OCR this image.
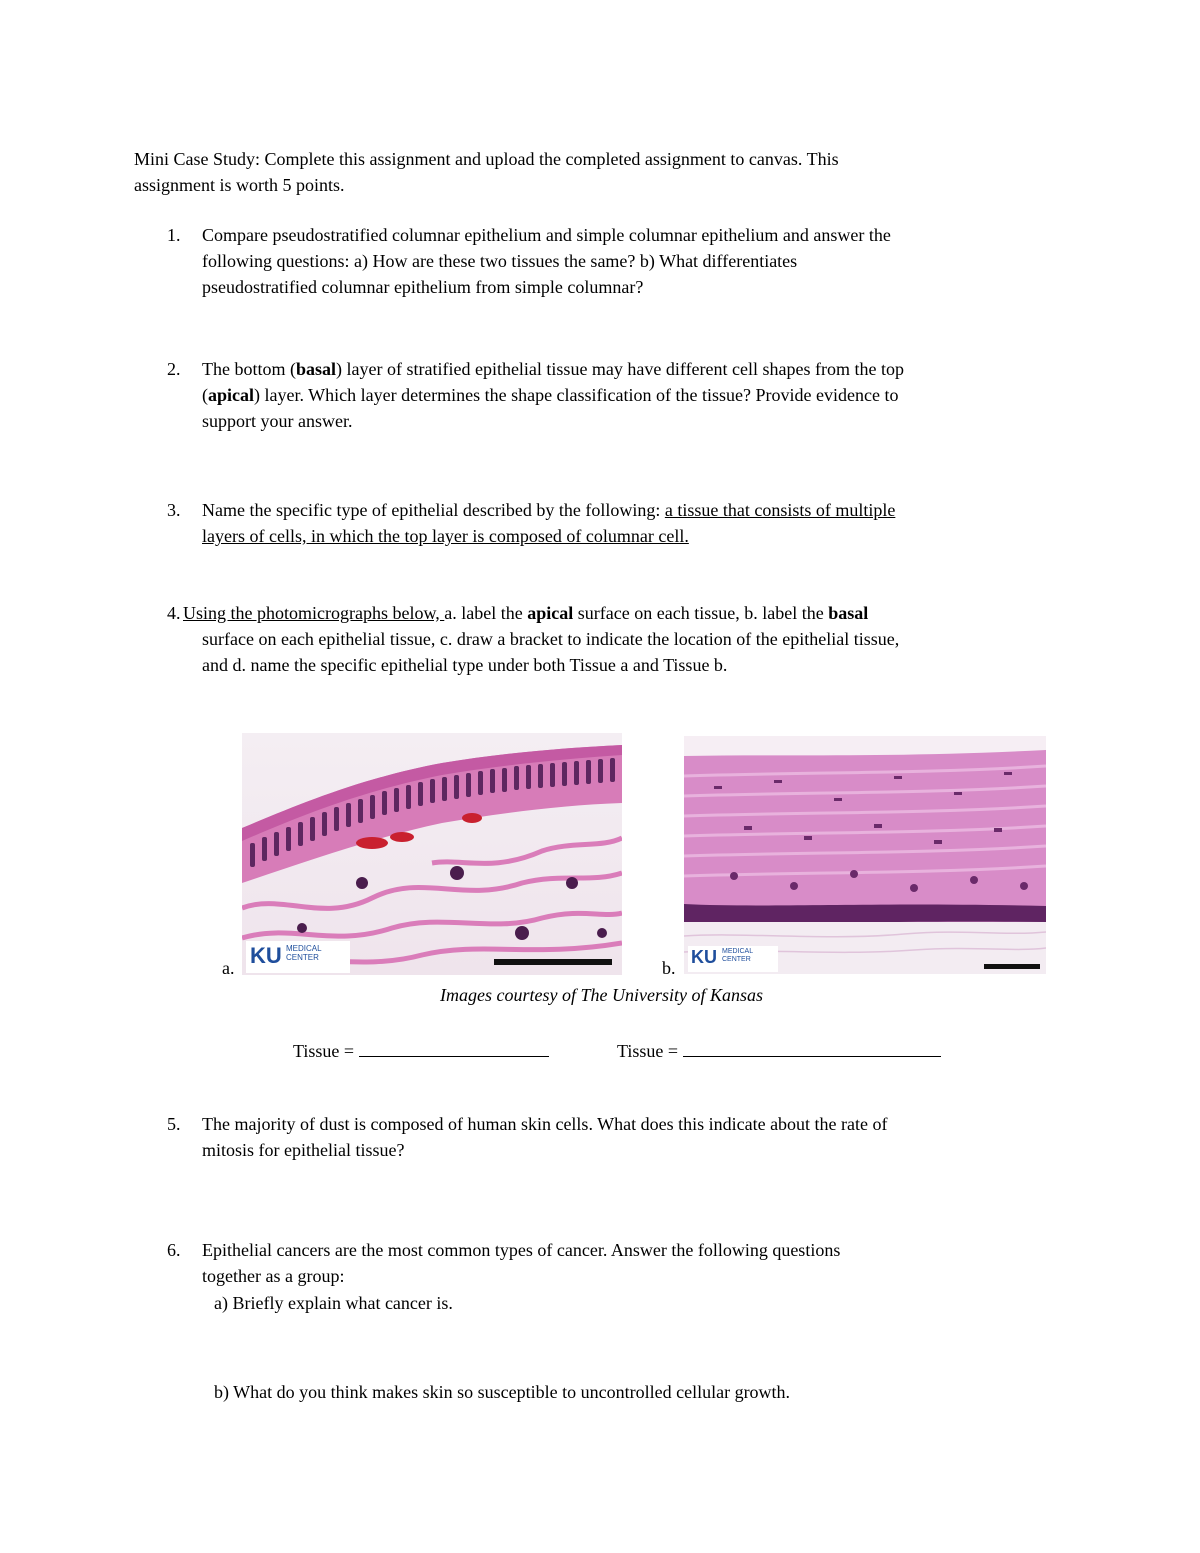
Mini Case Study: Complete this assignment and upload the completed assignment to canvas. This
assignment is worth 5 points.
1. Compare pseudostratified columnar epithelium and simple columnar epithelium and answer the
following questions: a) How are these two tissues the same? b) What differentiates
pseudostratified columnar epithelium from simple columnar?
2. The bottom (basal) layer of stratified epithelial tissue may have different cell shapes from the top
(apical) layer. Which layer determines the shape classification of the tissue? Provide evidence to
support your answer.
3. Name the specific type of epithelial described by the following: a tissue that consists of multiple
layers of cells, in which the top layer is composed of columnar cell.
4. Using the photomicrographs below, a. label the apical surface on each tissue, b. label the basal
surface on each epithelial tissue, c. draw a bracket to indicate the location of the epithelial tissue,
and d. name the specific epithelial type under both Tissue a and Tissue b.
KU MEDICAL
CENTER
a.
KU MEDICAL
CENTER
b.
Images courtesy of The University of Kansas
Tissue =	Tissue =
5. The majority of dust is composed of human skin cells. What does this indicate about the rate of
mitosis for epithelial tissue?
6. Epithelial cancers are the most common types of cancer. Answer the following questions
together as a group:
a) Briefly explain what cancer is.
b) What do you think makes skin so susceptible to uncontrolled cellular growth.
